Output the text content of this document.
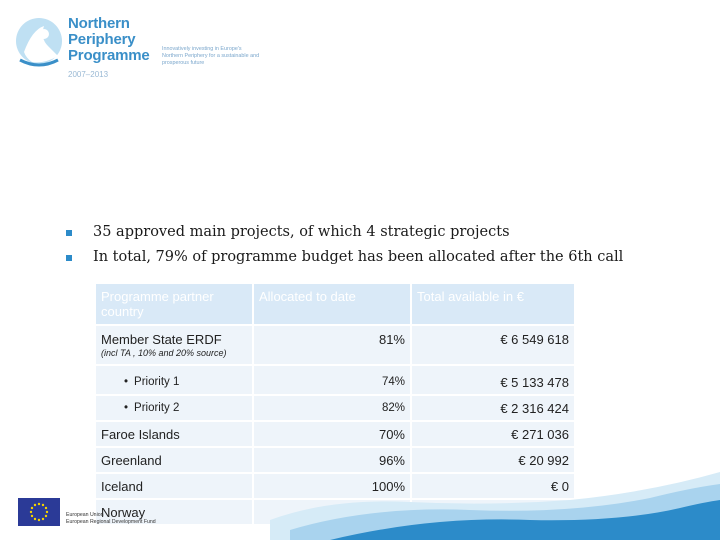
Northern
Periphery
Programme
2007–2013
Innovatively investing in Europe's Northern Periphery for a sustainable and prosperous future
35 approved main projects, of which 4 strategic projects
In total, 79% of programme budget has been allocated after the 6th call
Programme partner country	Allocated to date	Total available in €
Member State ERDF
(incl TA , 10% and 20% source)	81%	€ 6 549 618
• Priority 1	74%	€ 5 133 478
• Priority 2	82%	€ 2 316 424
Faroe Islands	70%	€ 271 036
Greenland	96%	€ 20 992
Iceland	100%	€ 0
Norway		
European Union
European Regional Development Fund
